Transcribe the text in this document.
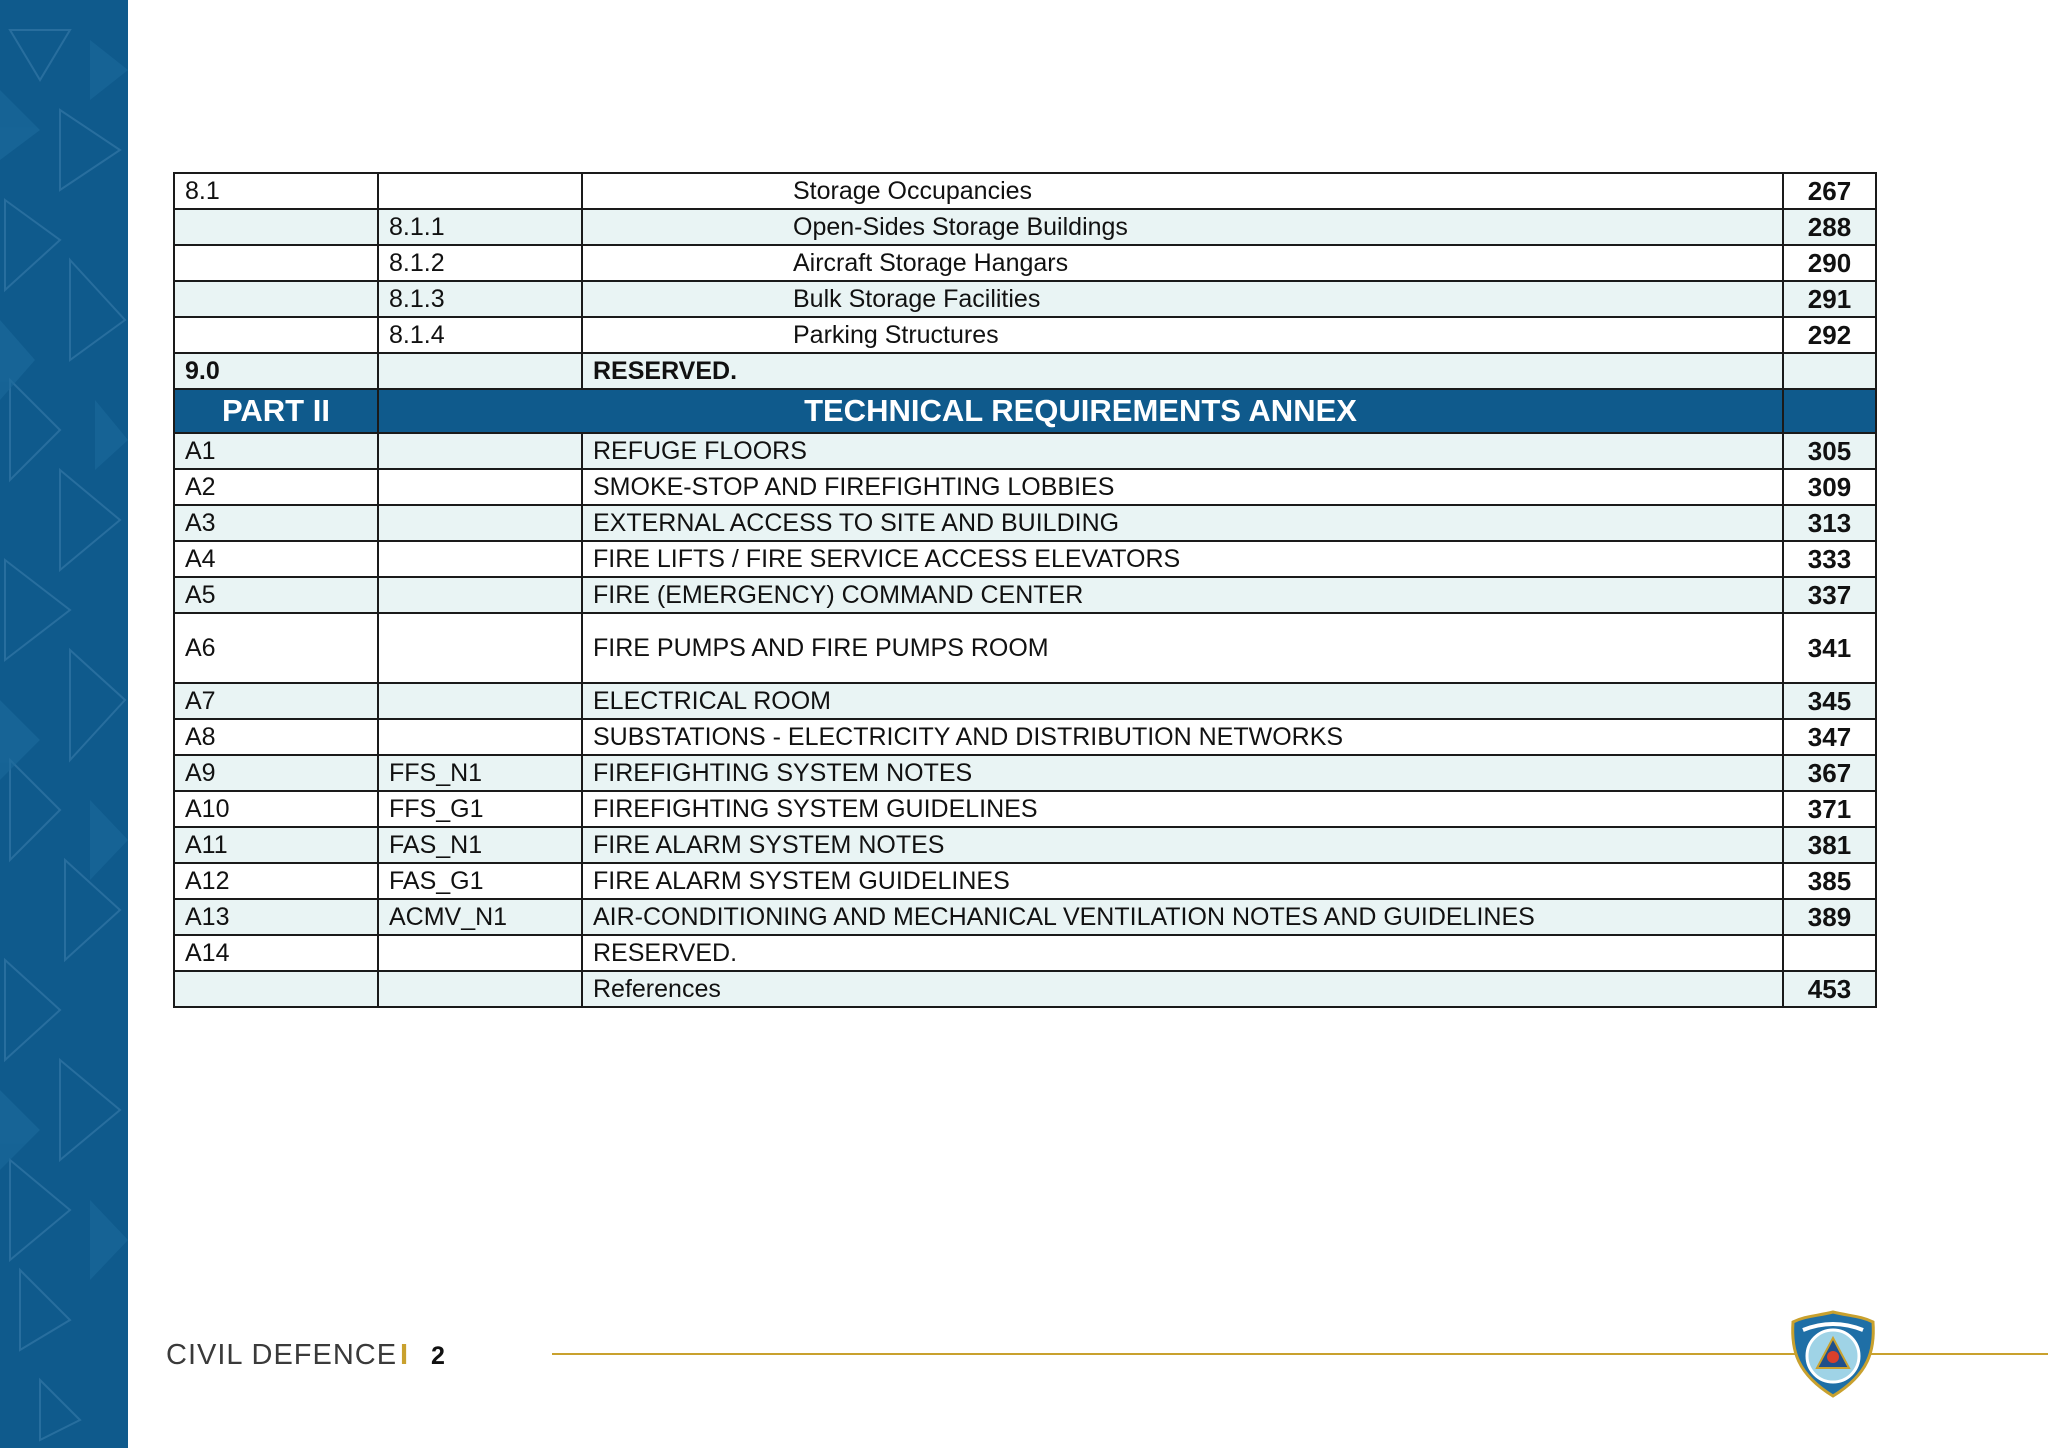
8.1		Storage Occupancies	267
	8.1.1	Open-Sides Storage Buildings	288
	8.1.2	Aircraft Storage Hangars	290
	8.1.3	Bulk Storage Facilities	291
	8.1.4	Parking Structures	292
9.0		RESERVED.	
PART II	TECHNICAL REQUIREMENTS ANNEX		
A1		REFUGE FLOORS	305
A2		SMOKE-STOP AND FIREFIGHTING LOBBIES	309
A3		EXTERNAL ACCESS TO SITE AND BUILDING	313
A4		FIRE LIFTS / FIRE SERVICE ACCESS ELEVATORS	333
A5		FIRE (EMERGENCY) COMMAND CENTER	337
A6		FIRE PUMPS AND FIRE PUMPS ROOM	341
A7		ELECTRICAL ROOM	345
A8		SUBSTATIONS - ELECTRICITY AND DISTRIBUTION NETWORKS	347
A9	FFS_N1	FIREFIGHTING SYSTEM NOTES	367
A10	FFS_G1	FIREFIGHTING SYSTEM GUIDELINES	371
A11	FAS_N1	FIRE ALARM SYSTEM NOTES	381
A12	FAS_G1	FIRE ALARM SYSTEM GUIDELINES	385
A13	ACMV_N1	AIR-CONDITIONING AND MECHANICAL VENTILATION NOTES AND GUIDELINES	389
A14		RESERVED.	
		References	453
CIVIL DEFENCE I 2
